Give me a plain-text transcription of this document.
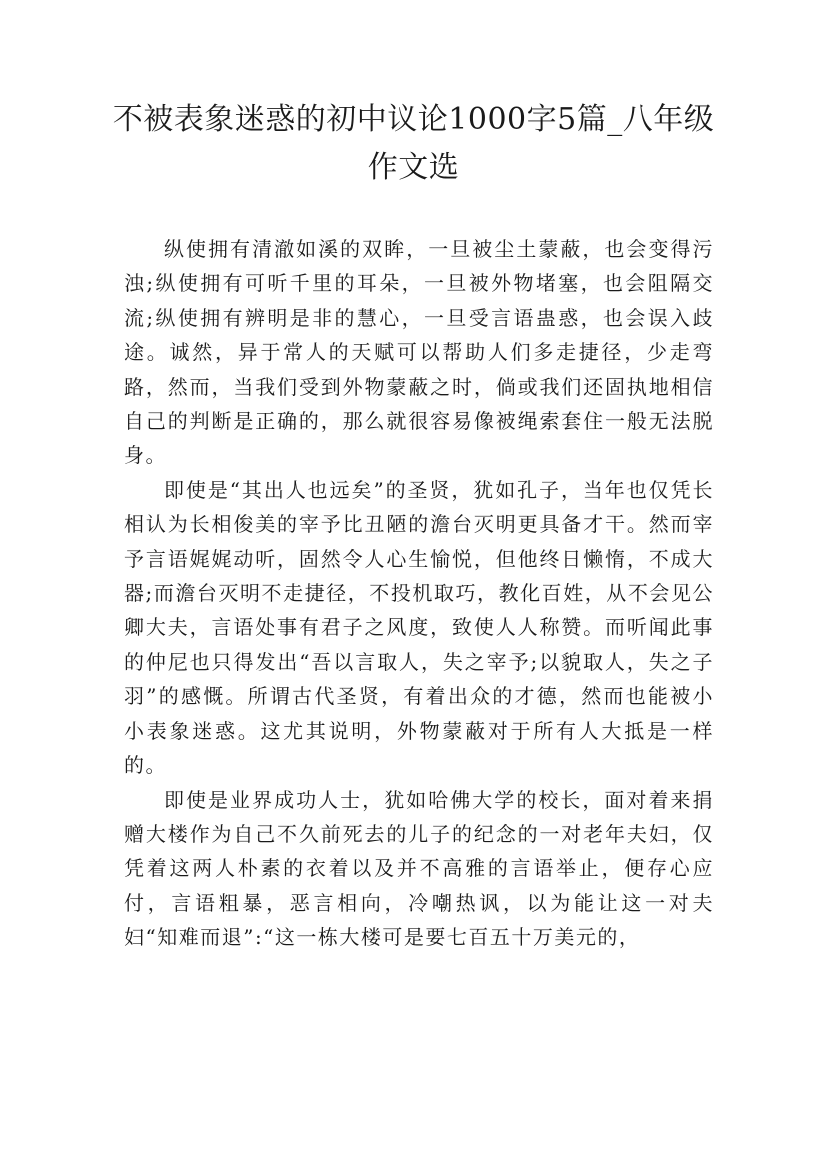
不被表象迷惑的初中议论1000字5篇_八年级作文选

纵使拥有清澈如溪的双眸，一旦被尘土蒙蔽，也会变得污浊;纵使拥有可听千里的耳朵，一旦被外物堵塞，也会阻隔交流;纵使拥有辨明是非的慧心，一旦受言语蛊惑，也会误入歧途。诚然，异于常人的天赋可以帮助人们多走捷径，少走弯路，然而，当我们受到外物蒙蔽之时，倘或我们还固执地相信自己的判断是正确的，那么就很容易像被绳索套住一般无法脱身。

即使是“其出人也远矣”的圣贤，犹如孔子，当年也仅凭长相认为长相俊美的宰予比丑陋的澹台灭明更具备才干。然而宰予言语娓娓动听，固然令人心生愉悦，但他终日懒惰，不成大器;而澹台灭明不走捷径，不投机取巧，教化百姓，从不会见公卿大夫，言语处事有君子之风度，致使人人称赞。而听闻此事的仲尼也只得发出“吾以言取人，失之宰予;以貌取人，失之子羽”的感慨。所谓古代圣贤，有着出众的才德，然而也能被小小表象迷惑。这尤其说明，外物蒙蔽对于所有人大抵是一样的。

即使是业界成功人士，犹如哈佛大学的校长，面对着来捐赠大楼作为自己不久前死去的儿子的纪念的一对老年夫妇，仅凭着这两人朴素的衣着以及并不高雅的言语举止，便存心应付，言语粗暴，恶言相向，冷嘲热讽，以为能让这一对夫妇“知难而退”:“这一栋大楼可是要七百五十万美元的，
